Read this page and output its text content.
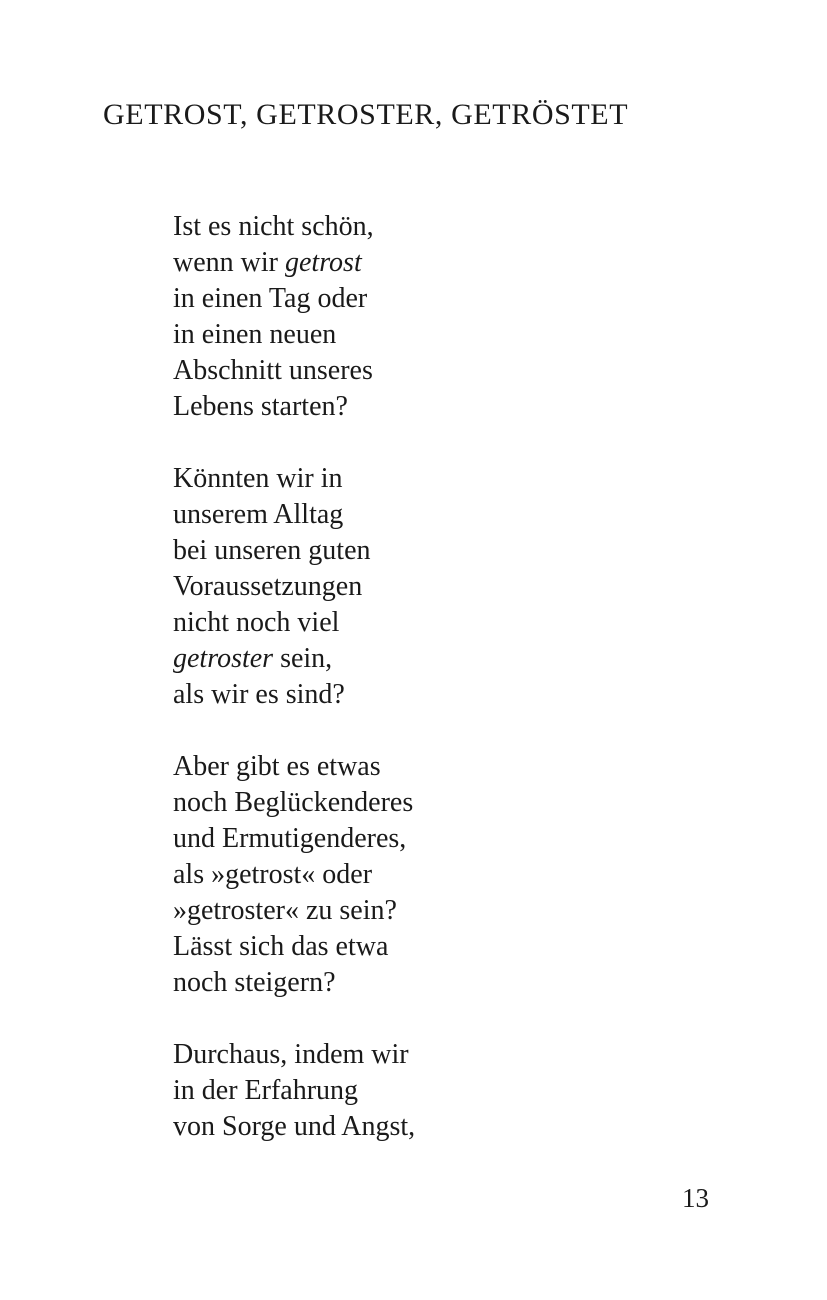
GETROST, GETROSTER, GETRÖSTET
Ist es nicht schön,
wenn wir getrost
in einen Tag oder
in einen neuen
Abschnitt unseres
Lebens starten?
Könnten wir in
unserem Alltag
bei unseren guten
Voraussetzungen
nicht noch viel
getroster sein,
als wir es sind?
Aber gibt es etwas
noch Beglückenderes
und Ermutigenderes,
als »getrost« oder
»getroster« zu sein?
Lässt sich das etwa
noch steigern?
Durchaus, indem wir
in der Erfahrung
von Sorge und Angst,
13
